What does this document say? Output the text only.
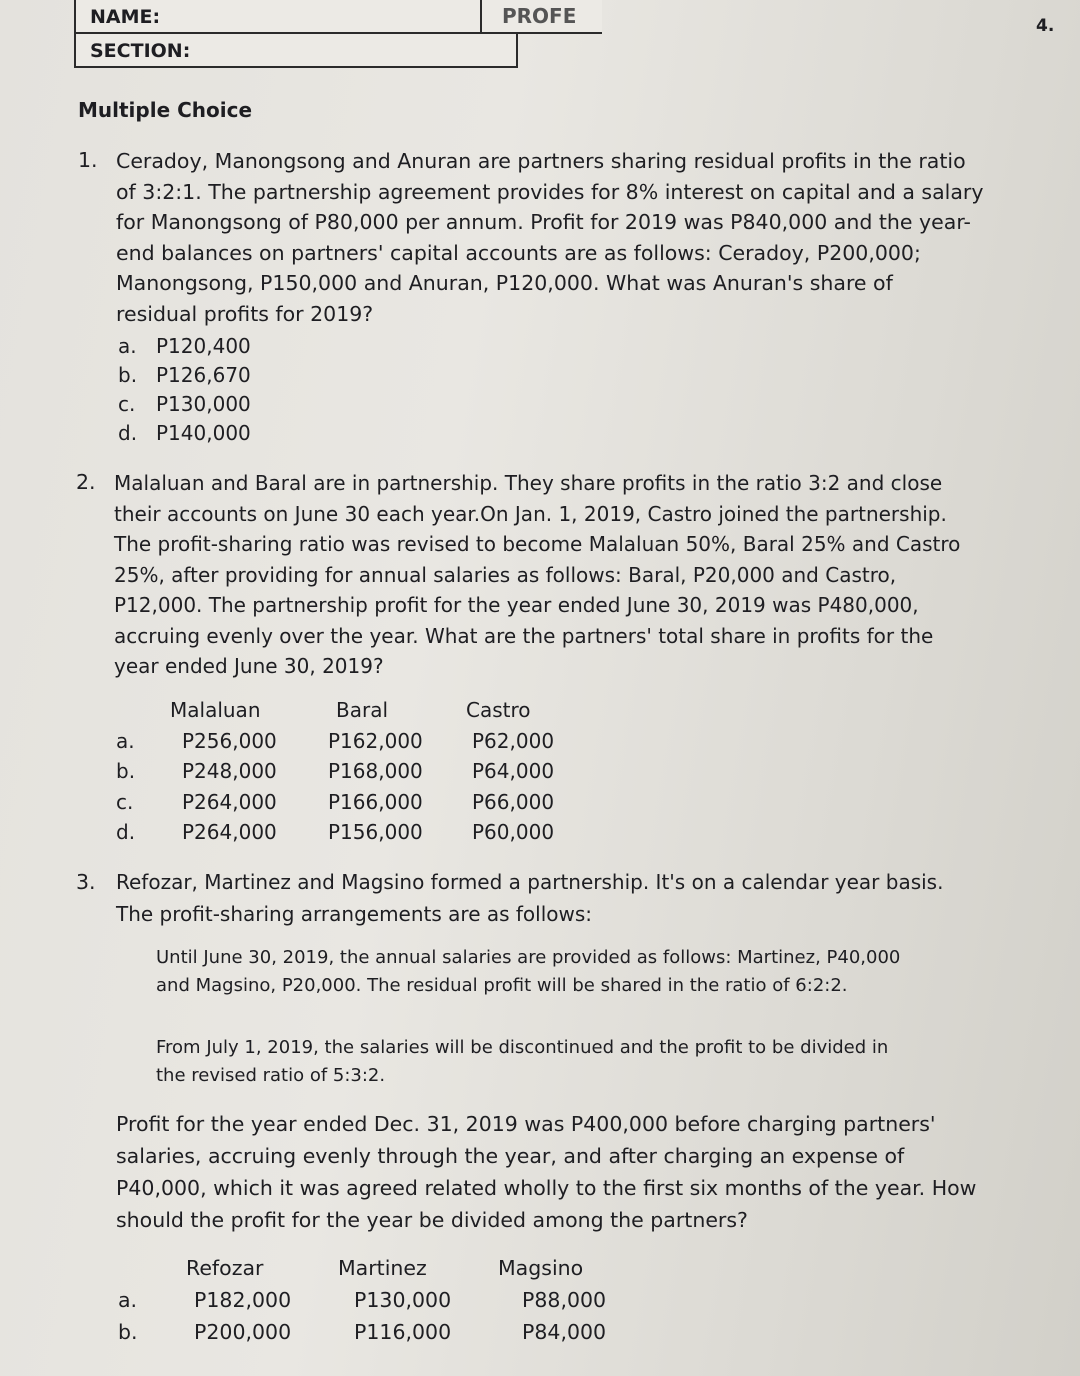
NAME:
SECTION:
PROFE	4.
Multiple Choice
1. Ceradoy, Manongsong and Anuran are partners sharing residual profits in the ratio
of 3:2:1. The partnership agreement provides for 8% interest on capital and a salary
for Manongsong of P80,000 per annum. Profit for 2019 was P840,000 and the year-
end balances on partners' capital accounts are as follows: Ceradoy, P200,000;
Manongsong, P150,000 and Anuran, P120,000. What was Anuran's share of
residual profits for 2019?
a. P120,400
b. P126,670
c. P130,000
d. P140,000
2. Malaluan and Baral are in partnership. They share profits in the ratio 3:2 and close
their accounts on June 30 each year.On Jan. 1, 2019, Castro joined the partnership.
The profit-sharing ratio was revised to become Malaluan 50%, Baral 25% and Castro
25%, after providing for annual salaries as follows: Baral, P20,000 and Castro,
P12,000. The partnership profit for the year ended June 30, 2019 was P480,000,
accruing evenly over the year. What are the partners' total share in profits for the
year ended June 30, 2019?
Malaluan	Baral	Castro
a. P256,000	P162,000 P62,000
b. P248,000	P168,000 P64,000
c. P264,000	P166,000 P66,000
d. P264,000	P156,000 P60,000
3. Refozar, Martinez and Magsino formed a partnership. It's on a calendar year basis.
The profit-sharing arrangements are as follows:
Until June 30, 2019, the annual salaries are provided as follows: Martinez, P40,000
and Magsino, P20,000. The residual profit will be shared in the ratio of 6:2:2.
From July 1, 2019, the salaries will be discontinued and the profit to be divided in
the revised ratio of 5:3:2.
Profit for the year ended Dec. 31, 2019 was P400,000 before charging partners'
salaries, accruing evenly through the year, and after charging an expense of
P40,000, which it was agreed related wholly to the first six months of the year. How
should the profit for the year be divided among the partners?
Refozar	Martinez	Magsino
a.	P182,000	P130,000	P88,000
b.	P200,000	P116,000	P84,000
